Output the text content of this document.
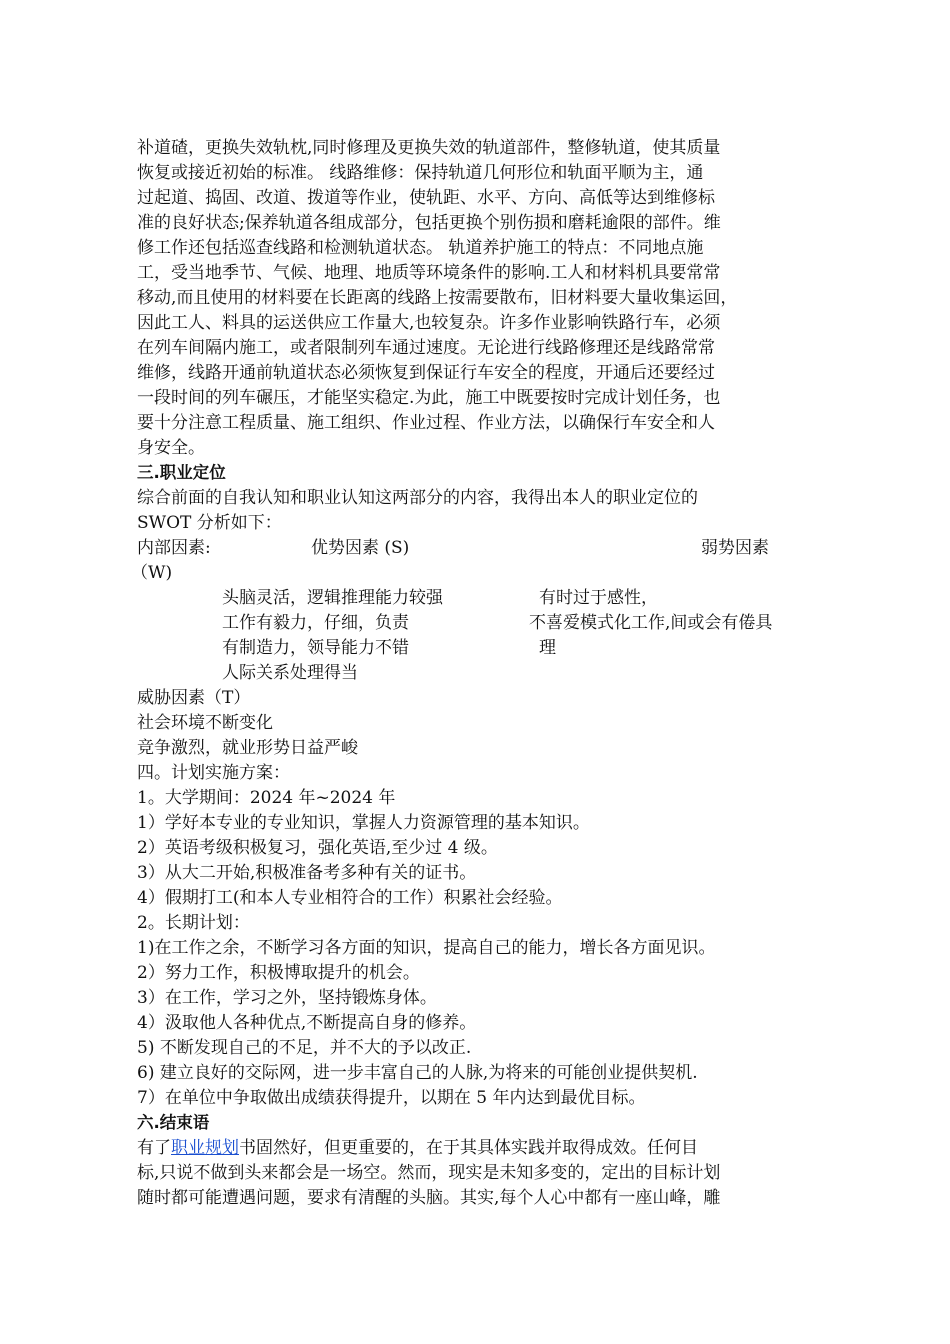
补道碴，更换失效轨枕,同时修理及更换失效的轨道部件，整修轨道，使其质量
恢复或接近初始的标准。 线路维修：保持轨道几何形位和轨面平顺为主，通
过起道、捣固、改道、拨道等作业，使轨距、水平、方向、高低等达到维修标
准的良好状态;保养轨道各组成部分，包括更换个别伤损和磨耗逾限的部件。维
修工作还包括巡查线路和检测轨道状态。 轨道养护施工的特点：不同地点施
工，受当地季节、气候、地理、地质等环境条件的影响.工人和材料机具要常常
移动,而且使用的材料要在长距离的线路上按需要散布，旧材料要大量收集运回，
因此工人、料具的运送供应工作量大,也较复杂。许多作业影响铁路行车，必须
在列车间隔内施工，或者限制列车通过速度。无论进行线路修理还是线路常常
维修，线路开通前轨道状态必须恢复到保证行车安全的程度，开通后还要经过
一段时间的列车碾压，才能坚实稳定.为此，施工中既要按时完成计划任务，也
要十分注意工程质量、施工组织、作业过程、作业方法，以确保行车安全和人
身安全。
三.职业定位
综合前面的自我认知和职业认知这两部分的内容，我得出本人的职业定位的
SWOT 分析如下：
内部因素:	优势因素 (S)	弱势因素
（W)
头脑灵活，逻辑推理能力较强
工作有毅力，仔细，负责
有制造力，领导能力不错
人际关系处理得当
有时过于感性，
不喜爱模式化工作,间或会有倦具
理
威胁因素（T）
社会环境不断变化
竞争激烈，就业形势日益严峻
四。计划实施方案：
1。大学期间：2024 年~2024 年
1）学好本专业的专业知识，掌握人力资源管理的基本知识。
2）英语考级积极复习，强化英语,至少过 4 级。
3）从大二开始,积极准备考多种有关的证书。
4）假期打工(和本人专业相符合的工作）积累社会经验。
2。长期计划：
1)在工作之余，不断学习各方面的知识，提高自己的能力，增长各方面见识。
2）努力工作，积极博取提升的机会。
3）在工作，学习之外，坚持锻炼身体。
4）汲取他人各种优点,不断提高自身的修养。
5) 不断发现自己的不足，并不大的予以改正.
6) 建立良好的交际网，进一步丰富自己的人脉,为将来的可能创业提供契机.
7）在单位中争取做出成绩获得提升，以期在 5 年内达到最优目标。
六.结束语
有了职业规划书固然好，但更重要的，在于其具体实践并取得成效。任何目
标,只说不做到头来都会是一场空。然而，现实是未知多变的，定出的目标计划
随时都可能遭遇问题，要求有清醒的头脑。其实,每个人心中都有一座山峰，雕
